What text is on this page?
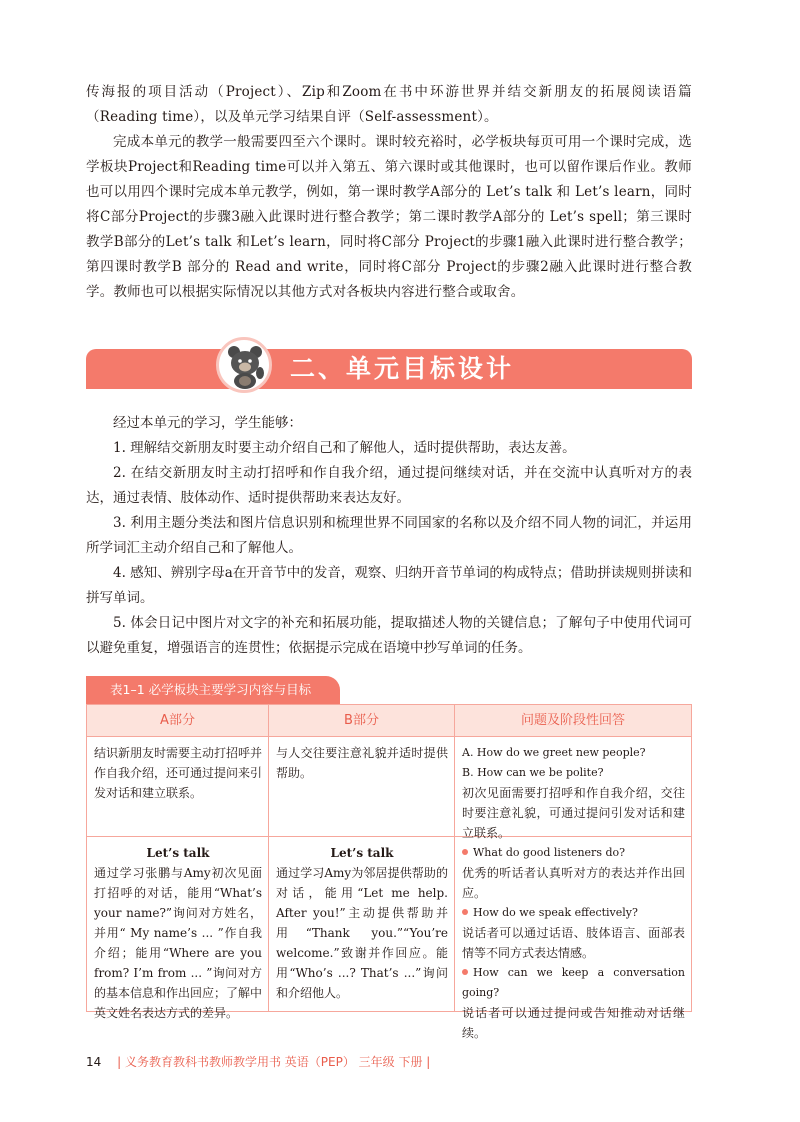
传海报的项目活动（Project）、Zip和Zoom在书中环游世界并结交新朋友的拓展阅读语篇（Reading time），以及单元学习结果自评（Self-assessment）。
完成本单元的教学一般需要四至六个课时。课时较充裕时，必学板块每页可用一个课时完成，选学板块Project和Reading time可以并入第五、第六课时或其他课时，也可以留作课后作业。教师也可以用四个课时完成本单元教学，例如，第一课时教学A部分的 Let’s talk 和 Let’s learn，同时将C部分Project的步骤3融入此课时进行整合教学；第二课时教学A部分的 Let’s spell；第三课时教学B部分的Let’s talk 和Let’s learn，同时将C部分 Project的步骤1融入此课时进行整合教学；第四课时教学B 部分的 Read and write，同时将C部分 Project的步骤2融入此课时进行整合教学。教师也可以根据实际情况以其他方式对各板块内容进行整合或取舍。
二、单元目标设计
经过本单元的学习，学生能够：
1. 理解结交新朋友时要主动介绍自己和了解他人，适时提供帮助，表达友善。
2. 在结交新朋友时主动打招呼和作自我介绍，通过提问继续对话，并在交流中认真听对方的表达，通过表情、肢体动作、适时提供帮助来表达友好。
3. 利用主题分类法和图片信息识别和梳理世界不同国家的名称以及介绍不同人物的词汇，并运用所学词汇主动介绍自己和了解他人。
4. 感知、辨别字母a在开音节中的发音，观察、归纳开音节单词的构成特点；借助拼读规则拼读和拼写单词。
5. 体会日记中图片对文字的补充和拓展功能，提取描述人物的关键信息；了解句子中使用代词可以避免重复，增强语言的连贯性；依据提示完成在语境中抄写单词的任务。
表1–1 必学板块主要学习内容与目标
A部分	B部分	问题及阶段性回答
结识新朋友时需要主动打招呼并作自我介绍，还可通过提问来引发对话和建立联系。
与人交往要注意礼貌并适时提供帮助。
A. How do we greet new people?
B. How can we be polite?
初次见面需要打招呼和作自我介绍，交往时要注意礼貌，可通过提问引发对话和建立联系。
Let’s talk
通过学习张鹏与Amy初次见面打招呼的对话，能用“What’s your name?”询问对方姓名，并用“ My name’s ... ”作自我介绍；能用“Where are you from? I’m from ... ”询问对方的基本信息和作出回应；了解中英文姓名表达方式的差异。
Let’s talk
通过学习Amy为邻居提供帮助的对话，能用“Let me help. After you!”主动提供帮助并用“Thank you.”“You’re welcome.”致谢并作回应。能用“Who’s ...? That’s ...”询问和介绍他人。
What do good listeners do?
优秀的听话者认真听对方的表达并作出回应。
How do we speak effectively?
说话者可以通过话语、肢体语言、面部表情等不同方式表达情感。
How can we keep a conversation going?
说话者可以通过提问或告知推动对话继续。
14 | 义务教育教科书教师教学用书 英语（PEP） 三年级 下册 |
